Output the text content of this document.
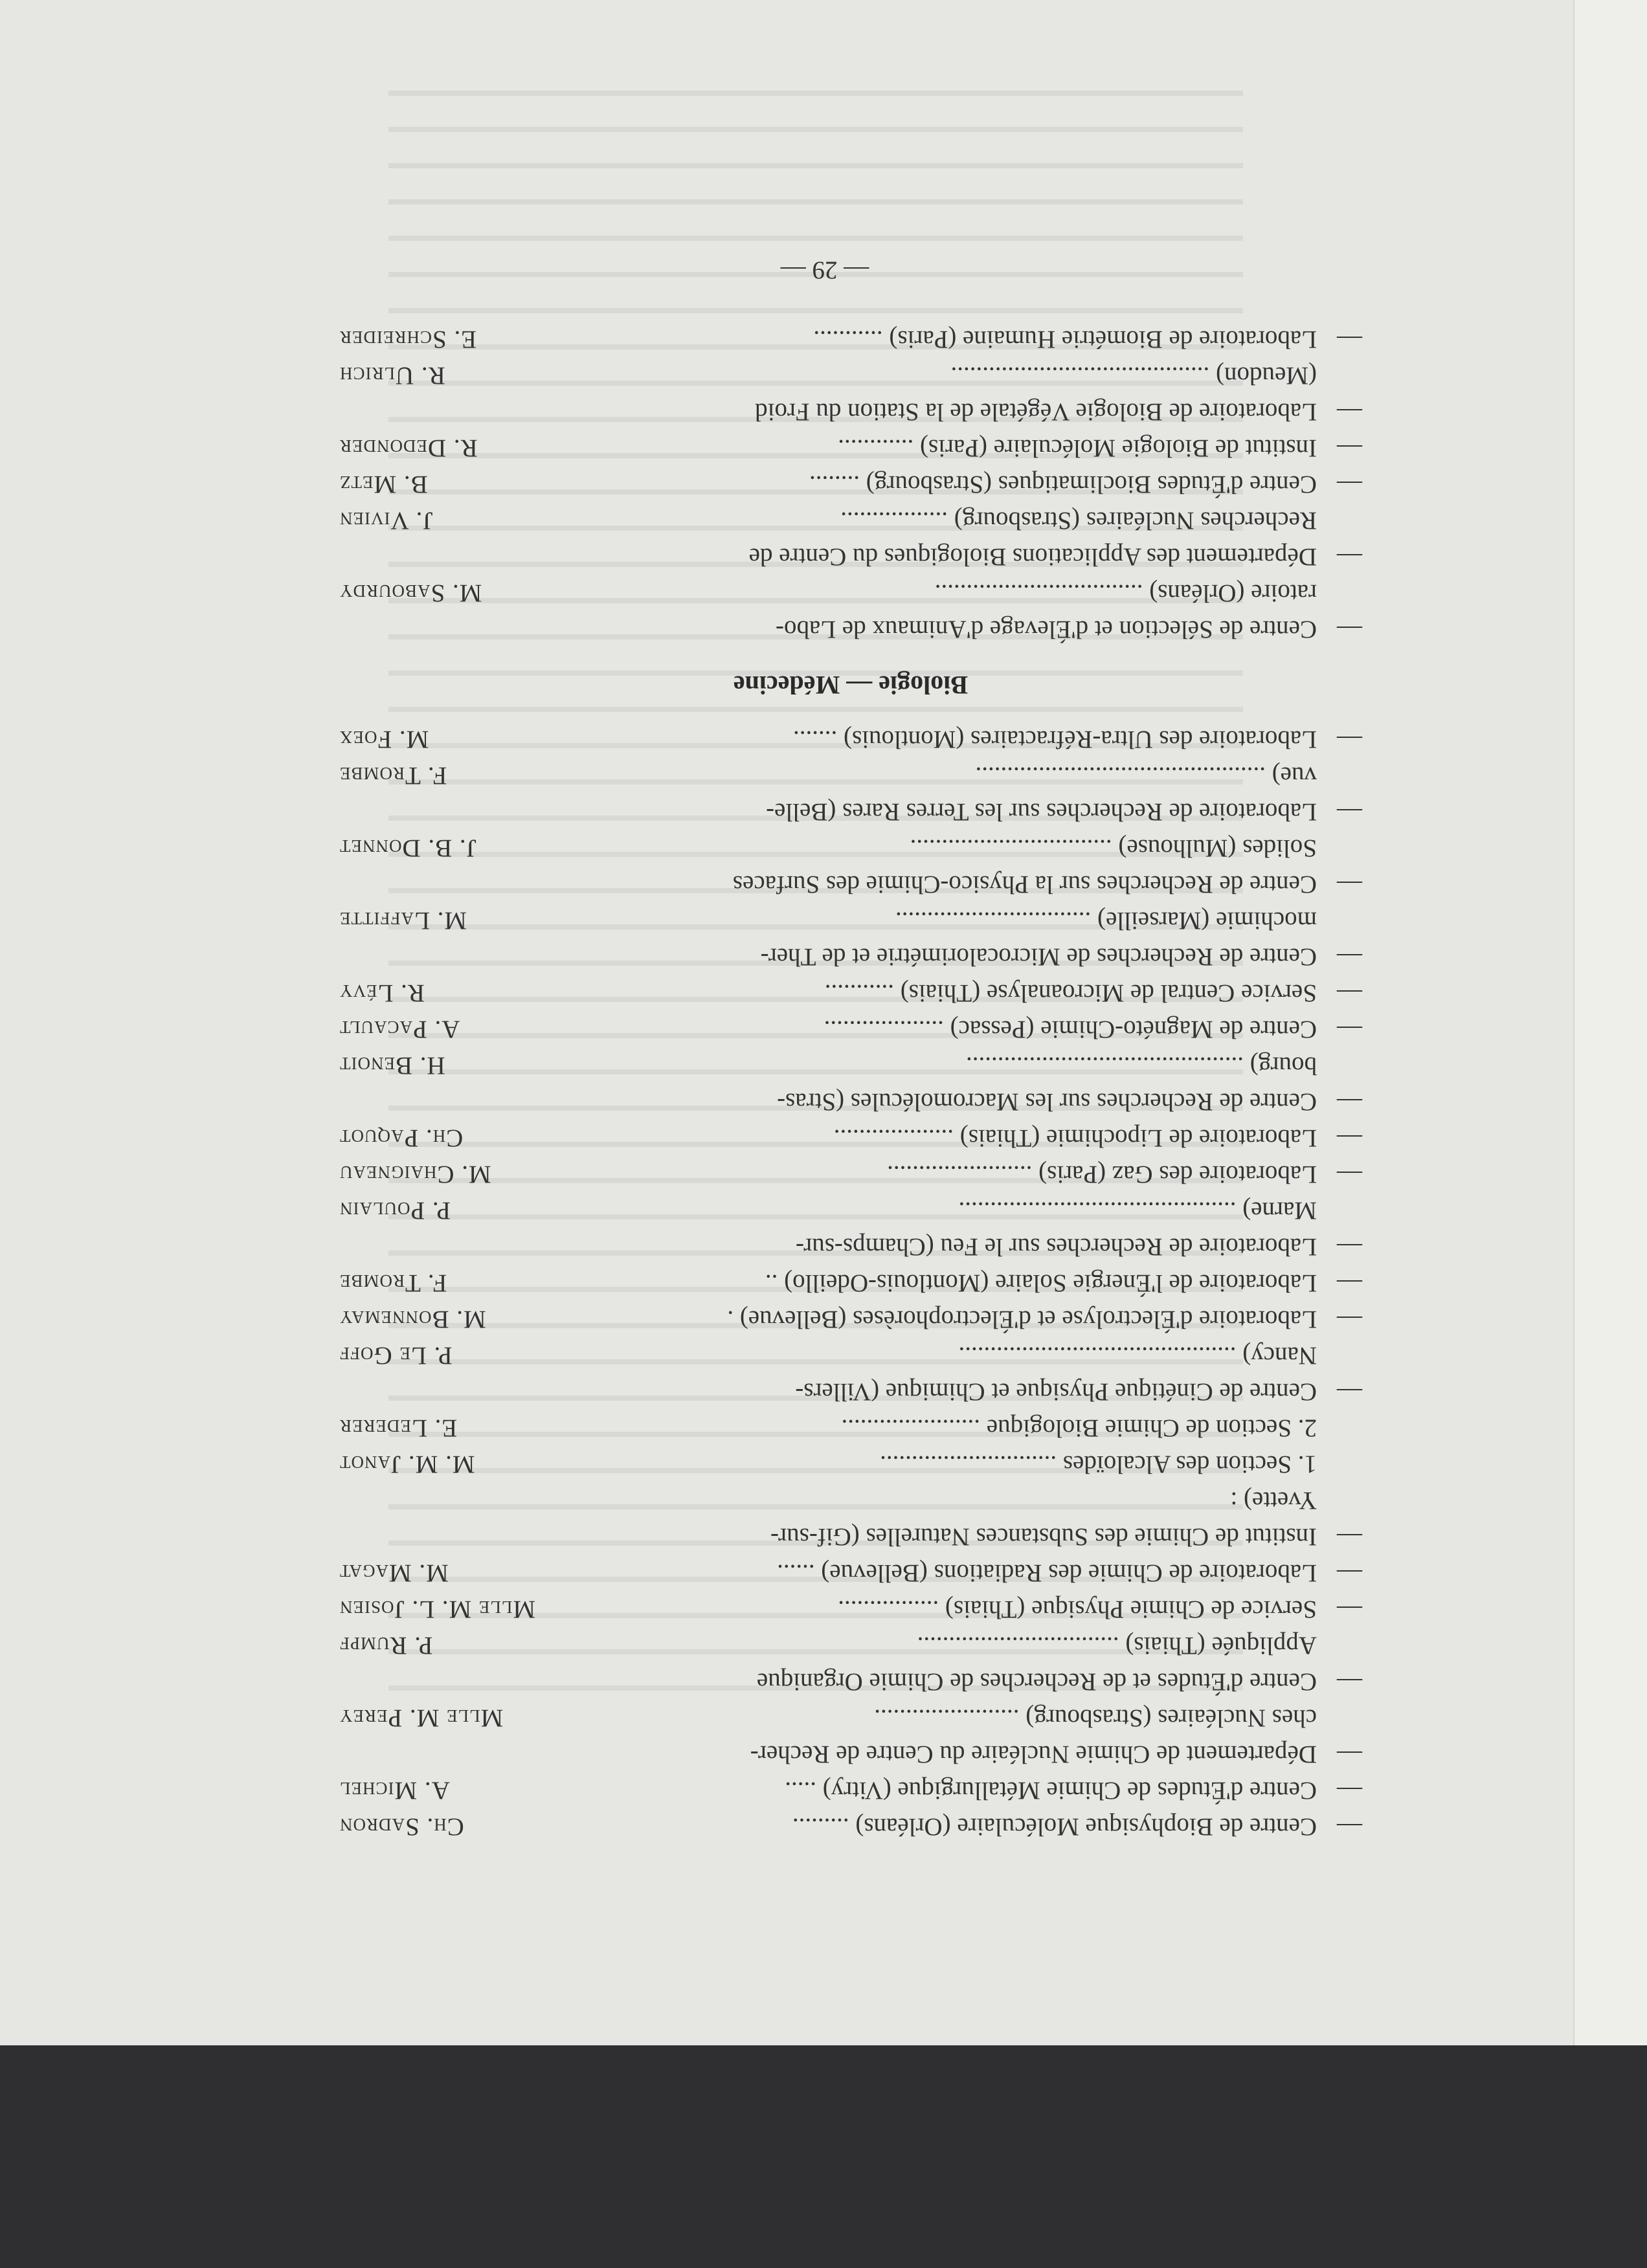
—
Centre de Biophysique Moléculaire (Orléans) .........
Ch. Sadron
—
Centre d'Études de Chimie Métallurgique (Vitry) .....
A. Michel
—
Département de Chimie Nucléaire du Centre de Recher-
ches Nucléaires (Strasbourg) .......................
Mlle M. Perey
—
Centre d'Études et de Recherches de Chimie Organique
Appliquée (Thiais) ................................
P. Rumpf
—
Service de Chimie Physique (Thiais) ................
Mlle M. L. Josien
—
Laboratoire de Chimie des Radiations (Bellevue) ......
M. Magat
—
Institut de Chimie des Substances Naturelles (Gif-sur-
Yvette) :
1. Section des Alcaloïdes ............................
2. Section de Chimie Biologique ......................
M. M. Janot
E. Lederer
—
Centre de Cinétique Physique et Chimique (Villers-
Nancy) ............................................
P. Le Goff
—
Laboratoire d'Électrolyse et d'Électrophorèses (Bellevue) .
M. Bonnemay
—
Laboratoire de l'Énergie Solaire (Montlouis-Odeillo) ..
F. Trombe
—
Laboratoire de Recherches sur le Feu (Champs-sur-
Marne) ............................................
P. Poulain
—
Laboratoire des Gaz (Paris) .......................
M. Chaigneau
—
Laboratoire de Lipochimie (Thiais) ...................
Ch. Paquot
—
Centre de Recherches sur les Macromolécules (Stras-
bourg) ............................................
H. Benoit
—
Centre de Magnéto-Chimie (Pessac) ...................
A. Pacault
—
Service Central de Microanalyse (Thiais) ...........
R. Lévy
—
Centre de Recherches de Microcalorimétrie et de Ther-
mochimie (Marseille) ...............................
M. Laffitte
—
Centre de Recherches sur la Physico-Chimie des Surfaces
Solides (Mulhouse) ................................
J. B. Donnet
—
Laboratoire de Recherches sur les Terres Rares (Belle-
vue) ..............................................
F. Trombe
—
Laboratoire des Ultra-Réfractaires (Montlouis) .......
M. Foex
Biologie — Médecine
—
Centre de Sélection et d'Élevage d'Animaux de Labo-
ratoire (Orléans) .................................
M. Sabourdy
—
Département des Applications Biologiques du Centre de
Recherches Nucléaires (Strasbourg) .................
J. Vivien
—
Centre d'Études Bioclimatiques (Strasbourg) ........
B. Metz
—
Institut de Biologie Moléculaire (Paris) ............
R. Dedonder
—
Laboratoire de Biologie Végétale de la Station du Froid
(Meudon) .........................................
R. Ulrich
—
Laboratoire de Biométrie Humaine (Paris) ...........
E. Schreider
— 29 —
